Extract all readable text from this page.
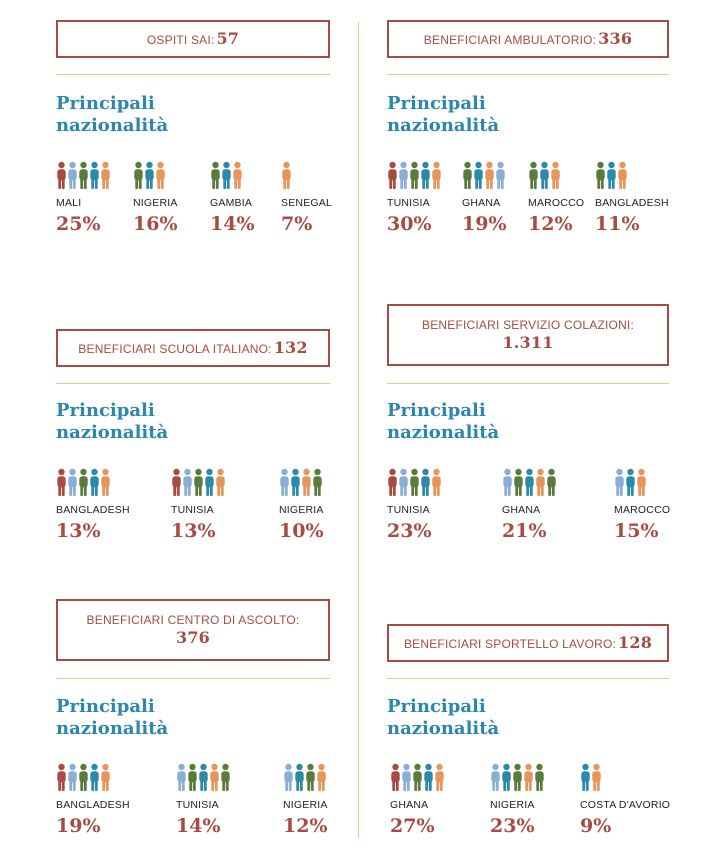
OSPITI SAI: 57
Principali
nazionalità
MALI
25%
NIGERIA
16%
GAMBIA
14%
SENEGAL
7%
BENEFICIARI AMBULATORIO: 336
Principali
nazionalità
TUNISIA
30%
GHANA
19%
MAROCCO
12%
BANGLADESH
11%
BENEFICIARI SCUOLA ITALIANO: 132
Principali
nazionalità
BANGLADESH
13%
TUNISIA
13%
NIGERIA
10%
BENEFICIARI SERVIZIO COLAZIONI:
1.311
Principali
nazionalità
TUNISIA
23%
GHANA
21%
MAROCCO
15%
BENEFICIARI CENTRO DI ASCOLTO:
376
Principali
nazionalità
BANGLADESH
19%
TUNISIA
14%
NIGERIA
12%
BENEFICIARI SPORTELLO LAVORO: 128
Principali
nazionalità
GHANA
27%
NIGERIA
23%
COSTA D'AVORIO
9%
